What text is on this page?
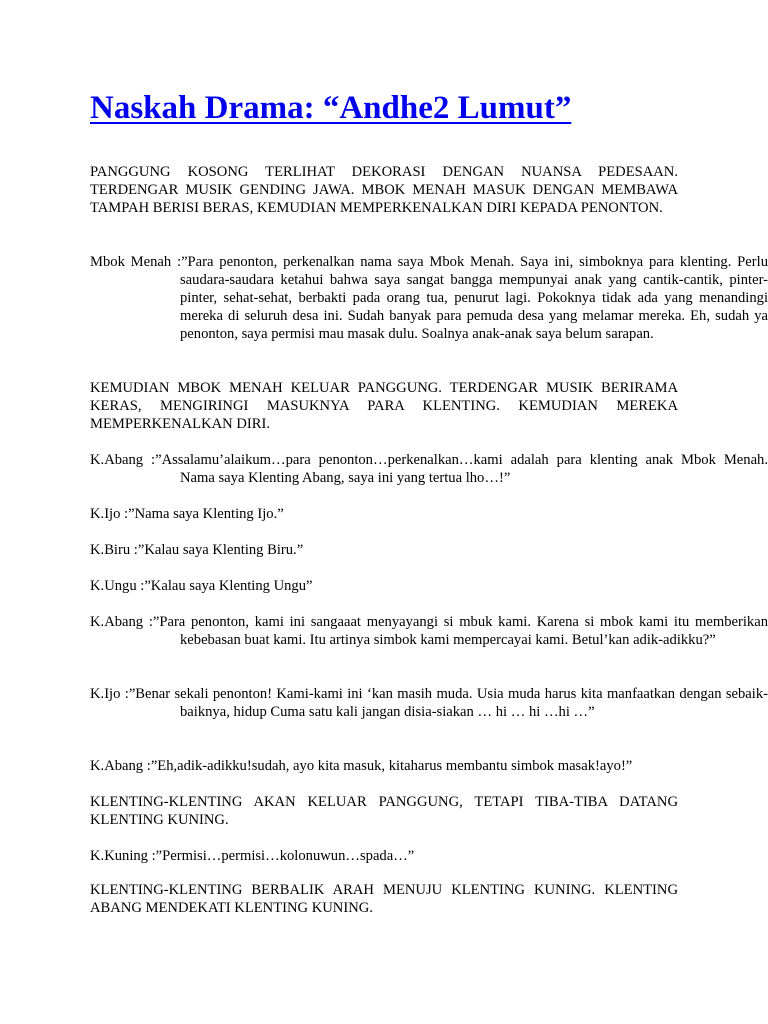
Naskah Drama: “Andhe2 Lumut”

PANGGUNG KOSONG TERLIHAT DEKORASI DENGAN NUANSA PEDESAAN. TERDENGAR MUSIK GENDING JAWA. MBOK MENAH MASUK DENGAN MEMBAWA TAMPAH BERISI BERAS, KEMUDIAN MEMPERKENALKAN DIRI KEPADA PENONTON.

Mbok Menah :”Para penonton, perkenalkan nama saya Mbok Menah. Saya ini, simboknya para klenting. Perlu saudara-saudara ketahui bahwa saya sangat bangga mempunyai anak yang cantik-cantik, pinter-pinter, sehat-sehat, berbakti pada orang tua, penurut lagi. Pokoknya tidak ada yang menandingi mereka di seluruh desa ini. Sudah banyak para pemuda desa yang melamar mereka. Eh, sudah ya penonton, saya permisi mau masak dulu. Soalnya anak-anak saya belum sarapan.

KEMUDIAN MBOK MENAH KELUAR PANGGUNG. TERDENGAR MUSIK BERIRAMA KERAS, MENGIRINGI MASUKNYA PARA KLENTING. KEMUDIAN MEREKA MEMPERKENALKAN DIRI.

K.Abang :”Assalamu’alaikum…para penonton…perkenalkan…kami adalah para klenting anak Mbok Menah. Nama saya Klenting Abang, saya ini yang tertua lho…!”

K.Ijo :”Nama saya Klenting Ijo.”

K.Biru :”Kalau saya Klenting Biru.”

K.Ungu :”Kalau saya Klenting Ungu”

K.Abang :”Para penonton, kami ini sangaaat menyayangi si mbuk kami. Karena si mbok kami itu memberikan kebebasan buat kami. Itu artinya simbok kami mempercayai kami. Betul’kan adik-adikku?”

K.Ijo :”Benar sekali penonton! Kami-kami ini ‘kan masih muda. Usia muda harus kita manfaatkan dengan sebaik-baiknya, hidup Cuma satu kali jangan disia-siakan … hi … hi …hi …”

K.Abang :”Eh,adik-adikku!sudah, ayo kita masuk, kitaharus membantu simbok masak!ayo!”

KLENTING-KLENTING AKAN KELUAR PANGGUNG, TETAPI TIBA-TIBA DATANG KLENTING KUNING.

K.Kuning :”Permisi…permisi…kolonuwun…spada…”

KLENTING-KLENTING BERBALIK ARAH MENUJU KLENTING KUNING. KLENTING ABANG MENDEKATI KLENTING KUNING.
